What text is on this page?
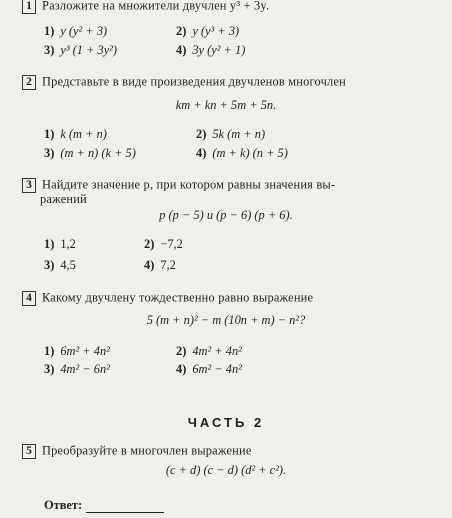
1 Разложите на множители двучлен y³ + 3y.
1) y (y² + 3)	2) y (y³ + 3)
3) y³ (1 + 3y²)	4) 3y (y² + 1)
2 Представьте в виде произведения двучленов многочлен
km + kn + 5m + 5n.
1) k (m + n)	2) 5k (m + n)
3) (m + n) (k + 5)	4) (m + k) (n + 5)
3 Найдите значение p, при котором равны значения вы-
ражений
p (p − 5) и (p − 6) (p + 6).
1) 1,2	2) −7,2
3) 4,5	4) 7,2
4 Какому двучлену тождественно равно выражение
5 (m + n)² − m (10n + m) − n²?
1) 6m² + 4n²	2) 4m² + 4n²
3) 4m² − 6n²	4) 6m² − 4n²
ЧАСТЬ 2
5 Преобразуйте в многочлен выражение
(c + d) (c − d) (d² + c²).
Ответ:
